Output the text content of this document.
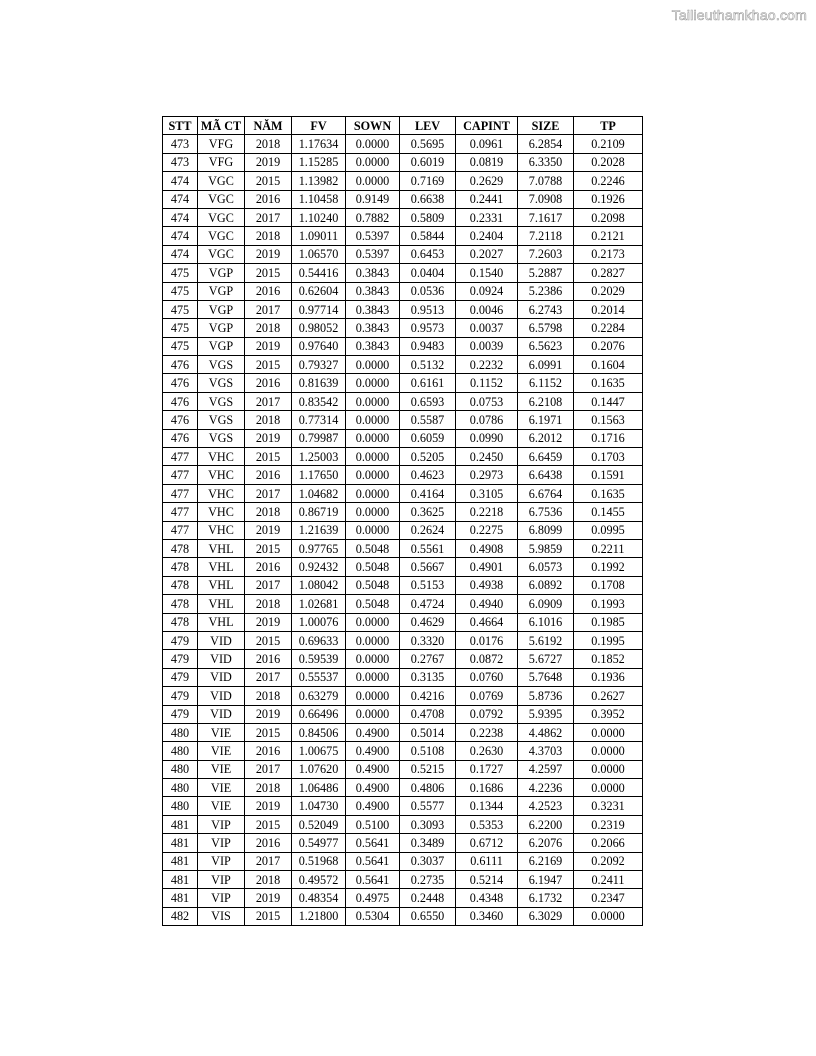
Tailieuthamkhao.com
STT	MÃ CT	NĂM	FV	SOWN	LEV	CAPINT	SIZE	TP
473	VFG	2018	1.17634	0.0000	0.5695	0.0961	6.2854	0.2109
473	VFG	2019	1.15285	0.0000	0.6019	0.0819	6.3350	0.2028
474	VGC	2015	1.13982	0.0000	0.7169	0.2629	7.0788	0.2246
474	VGC	2016	1.10458	0.9149	0.6638	0.2441	7.0908	0.1926
474	VGC	2017	1.10240	0.7882	0.5809	0.2331	7.1617	0.2098
474	VGC	2018	1.09011	0.5397	0.5844	0.2404	7.2118	0.2121
474	VGC	2019	1.06570	0.5397	0.6453	0.2027	7.2603	0.2173
475	VGP	2015	0.54416	0.3843	0.0404	0.1540	5.2887	0.2827
475	VGP	2016	0.62604	0.3843	0.0536	0.0924	5.2386	0.2029
475	VGP	2017	0.97714	0.3843	0.9513	0.0046	6.2743	0.2014
475	VGP	2018	0.98052	0.3843	0.9573	0.0037	6.5798	0.2284
475	VGP	2019	0.97640	0.3843	0.9483	0.0039	6.5623	0.2076
476	VGS	2015	0.79327	0.0000	0.5132	0.2232	6.0991	0.1604
476	VGS	2016	0.81639	0.0000	0.6161	0.1152	6.1152	0.1635
476	VGS	2017	0.83542	0.0000	0.6593	0.0753	6.2108	0.1447
476	VGS	2018	0.77314	0.0000	0.5587	0.0786	6.1971	0.1563
476	VGS	2019	0.79987	0.0000	0.6059	0.0990	6.2012	0.1716
477	VHC	2015	1.25003	0.0000	0.5205	0.2450	6.6459	0.1703
477	VHC	2016	1.17650	0.0000	0.4623	0.2973	6.6438	0.1591
477	VHC	2017	1.04682	0.0000	0.4164	0.3105	6.6764	0.1635
477	VHC	2018	0.86719	0.0000	0.3625	0.2218	6.7536	0.1455
477	VHC	2019	1.21639	0.0000	0.2624	0.2275	6.8099	0.0995
478	VHL	2015	0.97765	0.5048	0.5561	0.4908	5.9859	0.2211
478	VHL	2016	0.92432	0.5048	0.5667	0.4901	6.0573	0.1992
478	VHL	2017	1.08042	0.5048	0.5153	0.4938	6.0892	0.1708
478	VHL	2018	1.02681	0.5048	0.4724	0.4940	6.0909	0.1993
478	VHL	2019	1.00076	0.0000	0.4629	0.4664	6.1016	0.1985
479	VID	2015	0.69633	0.0000	0.3320	0.0176	5.6192	0.1995
479	VID	2016	0.59539	0.0000	0.2767	0.0872	5.6727	0.1852
479	VID	2017	0.55537	0.0000	0.3135	0.0760	5.7648	0.1936
479	VID	2018	0.63279	0.0000	0.4216	0.0769	5.8736	0.2627
479	VID	2019	0.66496	0.0000	0.4708	0.0792	5.9395	0.3952
480	VIE	2015	0.84506	0.4900	0.5014	0.2238	4.4862	0.0000
480	VIE	2016	1.00675	0.4900	0.5108	0.2630	4.3703	0.0000
480	VIE	2017	1.07620	0.4900	0.5215	0.1727	4.2597	0.0000
480	VIE	2018	1.06486	0.4900	0.4806	0.1686	4.2236	0.0000
480	VIE	2019	1.04730	0.4900	0.5577	0.1344	4.2523	0.3231
481	VIP	2015	0.52049	0.5100	0.3093	0.5353	6.2200	0.2319
481	VIP	2016	0.54977	0.5641	0.3489	0.6712	6.2076	0.2066
481	VIP	2017	0.51968	0.5641	0.3037	0.6111	6.2169	0.2092
481	VIP	2018	0.49572	0.5641	0.2735	0.5214	6.1947	0.2411
481	VIP	2019	0.48354	0.4975	0.2448	0.4348	6.1732	0.2347
482	VIS	2015	1.21800	0.5304	0.6550	0.3460	6.3029	0.0000
